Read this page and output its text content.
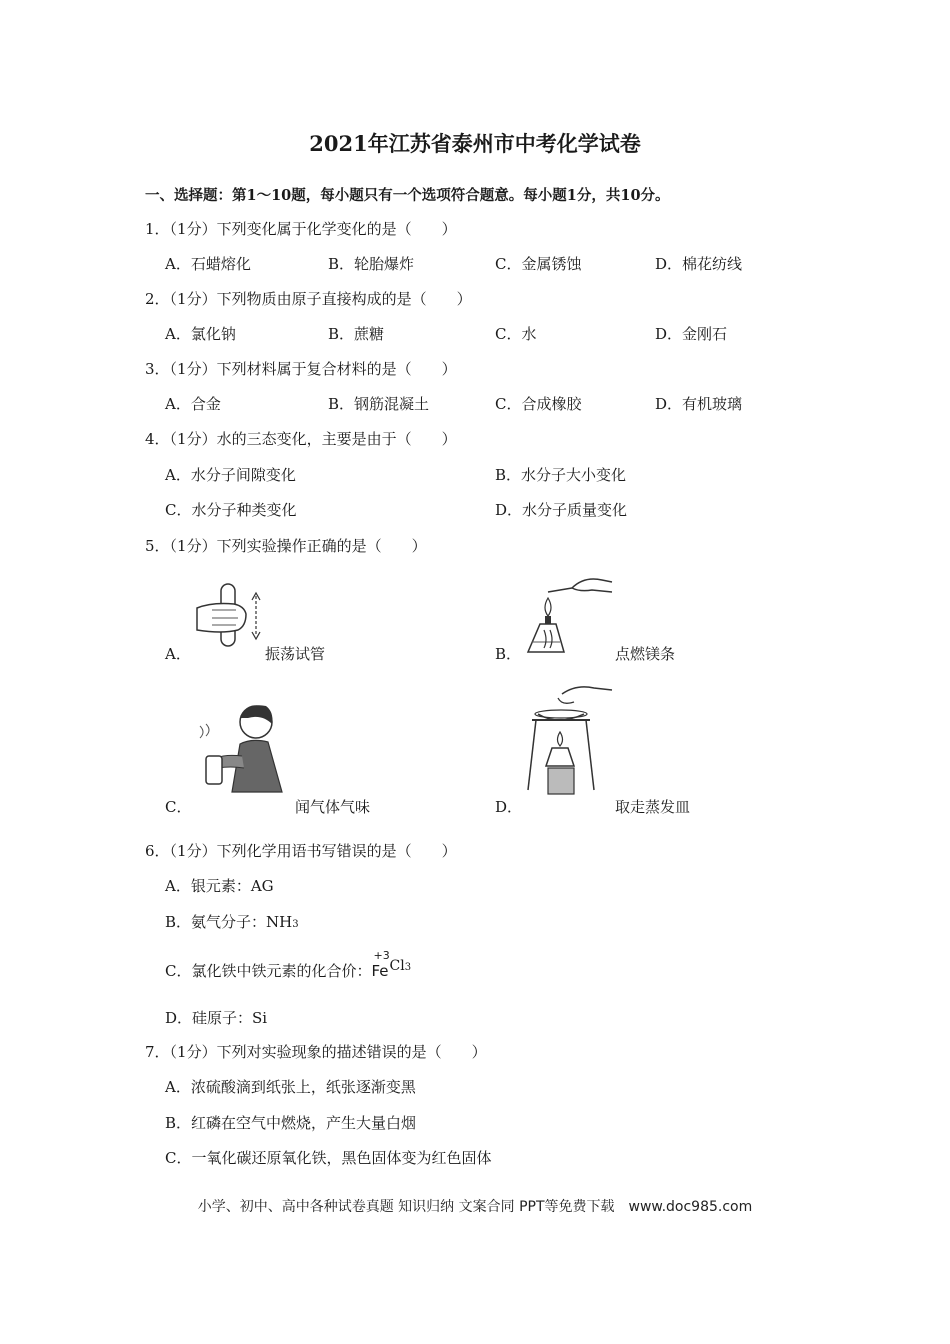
2021年江苏省泰州市中考化学试卷
一、选择题：第1～10题，每小题只有一个选项符合题意。每小题1分，共10分。
1．（1分）下列变化属于化学变化的是（　　）
A．石蜡熔化	B．轮胎爆炸	C．金属锈蚀	D．棉花纺线
2．（1分）下列物质由原子直接构成的是（　　）
A．氯化钠	B．蔗糖	C．水	D．金刚石
3．（1分）下列材料属于复合材料的是（　　）
A．合金	B．钢筋混凝土	C．合成橡胶	D．有机玻璃
4．（1分）水的三态变化，主要是由于（　　）
A．水分子间隙变化	B．水分子大小变化
C．水分子种类变化	D．水分子质量变化
5．（1分）下列实验操作正确的是（　　）
A．	振荡试管	B．	点燃镁条
C．	闻气体气味	D．	取走蒸发皿
6．（1分）下列化学用语书写错误的是（　　）
A．银元素：AG
B．氨气分子：NH3
C．氯化铁中铁元素的化合价：
+3
FeCl$^3$
D．硅原子：Si
7．（1分）下列对实验现象的描述错误的是（　　）
A．浓硫酸滴到纸张上，纸张逐渐变黑
B．红磷在空气中燃烧，产生大量白烟
C．一氧化碳还原氧化铁，黑色固体变为红色固体
小学、初中、高中各种试卷真题 知识归纳 文案合同 PPT等免费下载　www.doc985.com
